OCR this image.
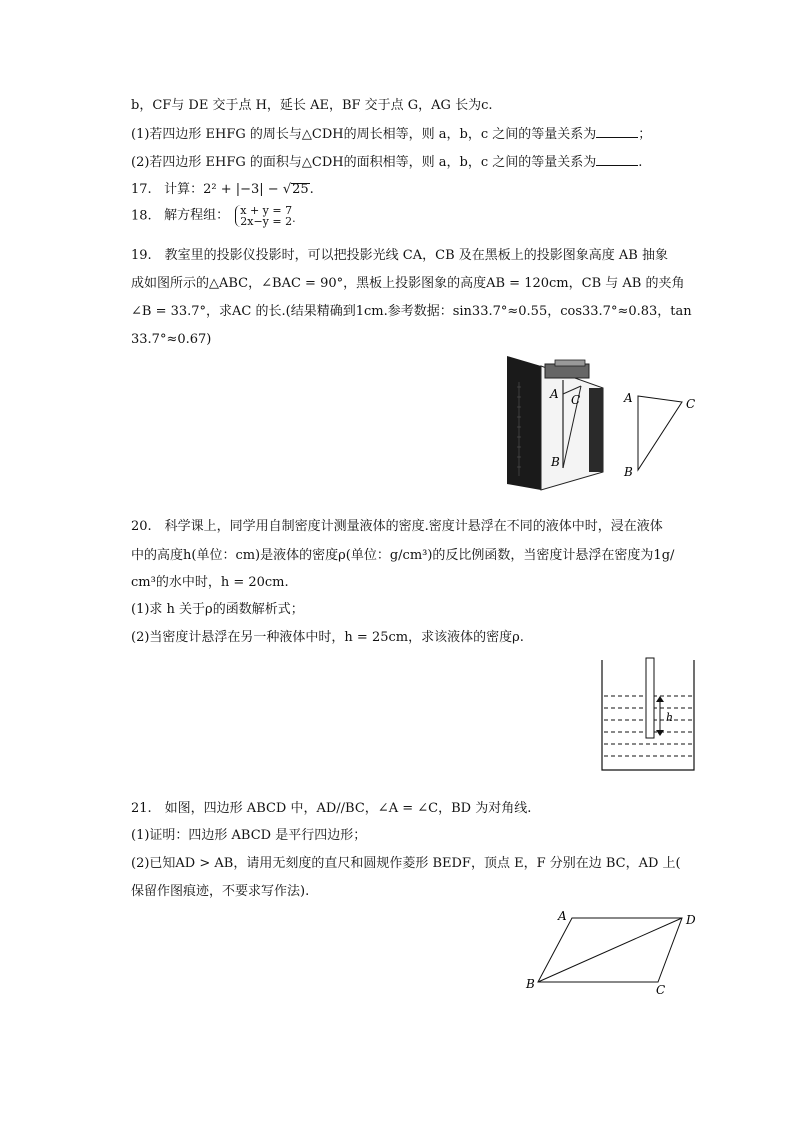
b，CF与 DE 交于点 H，延长 AE，BF 交于点 G，AG 长为c.
(1)若四边形 EHFG 的周长与△CDH的周长相等，则 a，b，c 之间的等量关系为	；
(2)若四边形 EHFG 的面积与△CDH的面积相等，则 a，b，c 之间的等量关系为	.
17. 计算：2² + |−3| − √25.
18. 解方程组： x + y = 7
2x−y = 2·
19.　教室里的投影仪投影时，可以把投影光线 CA，CB 及在黑板上的投影图象高度 AB 抽象
成如图所示的△ABC，∠BAC = 90°，黑板上投影图象的高度AB = 120cm，CB 与 AB 的夹角
∠B = 33.7°，求AC 的长.(结果精确到1cm.参考数据：sin33.7°≈0.55，cos33.7°≈0.83，tan
33.7°≈0.67)
A C
B
A	C
B
20.　科学课上，同学用自制密度计测量液体的密度.密度计悬浮在不同的液体中时，浸在液体
中的高度h(单位：cm)是液体的密度ρ(单位：g/cm³)的反比例函数，当密度计悬浮在密度为1g/
cm³的水中时，h = 20cm.
(1)求 h 关于ρ的函数解析式；
(2)当密度计悬浮在另一种液体中时，h = 25cm，求该液体的密度ρ.
h
21.　如图，四边形 ABCD 中，AD//BC，∠A = ∠C，BD 为对角线.
(1)证明：四边形 ABCD 是平行四边形；
(2)已知AD > AB，请用无刻度的直尺和圆规作菱形 BEDF，顶点 E，F 分别在边 BC，AD 上(
保留作图痕迹，不要求写作法).
A	D
B	C
